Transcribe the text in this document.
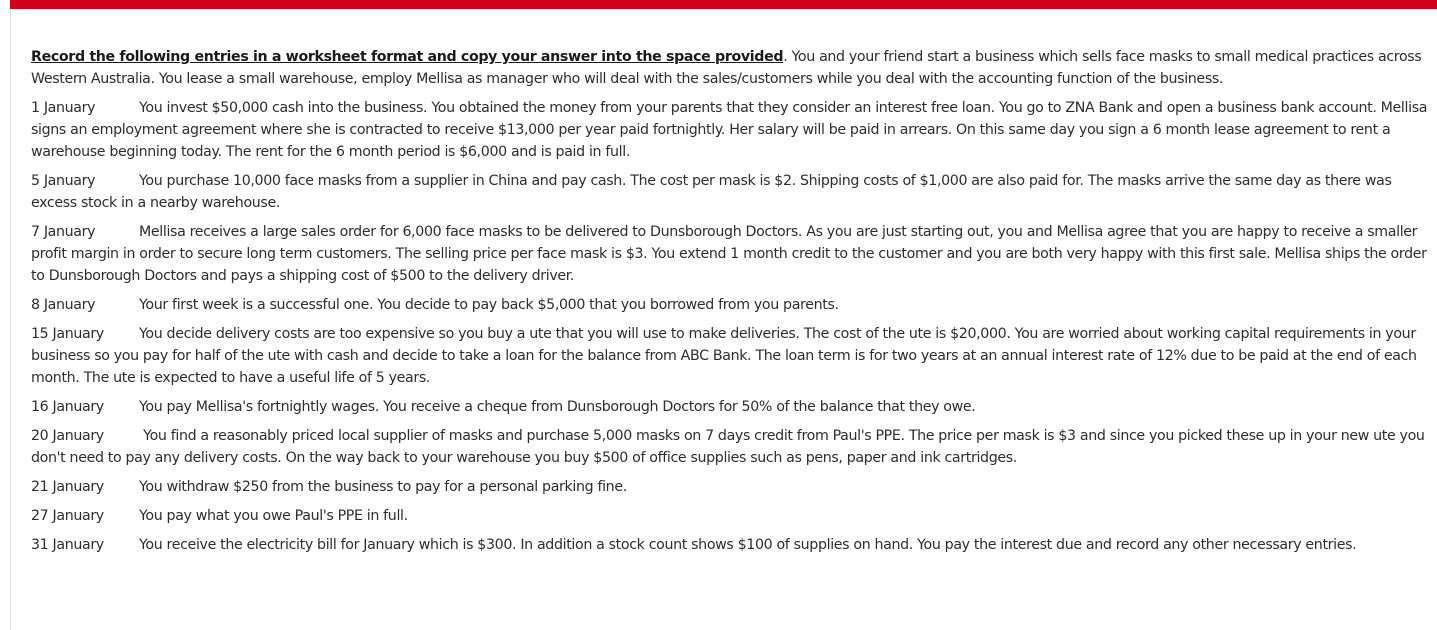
Record the following entries in a worksheet format and copy your answer into the space provided. You and your friend start a business which sells face masks to small medical practices across Western Australia. You lease a small warehouse, employ Mellisa as manager who will deal with the sales/customers while you deal with the accounting function of the business.

1 January	You invest $50,000 cash into the business. You obtained the money from your parents that they consider an interest free loan. You go to ZNA Bank and open a business bank account. Mellisa signs an employment agreement where she is contracted to receive $13,000 per year paid fortnightly. Her salary will be paid in arrears. On this same day you sign a 6 month lease agreement to rent a warehouse beginning today. The rent for the 6 month period is $6,000 and is paid in full.

5 January	You purchase 10,000 face masks from a supplier in China and pay cash. The cost per mask is $2. Shipping costs of $1,000 are also paid for. The masks arrive the same day as there was excess stock in a nearby warehouse.

7 January	Mellisa receives a large sales order for 6,000 face masks to be delivered to Dunsborough Doctors. As you are just starting out, you and Mellisa agree that you are happy to receive a smaller profit margin in order to secure long term customers. The selling price per face mask is $3. You extend 1 month credit to the customer and you are both very happy with this first sale. Mellisa ships the order to Dunsborough Doctors and pays a shipping cost of $500 to the delivery driver.

8 January	Your first week is a successful one. You decide to pay back $5,000 that you borrowed from you parents.

15 January You decide delivery costs are too expensive so you buy a ute that you will use to make deliveries. The cost of the ute is $20,000. You are worried about working capital requirements in your business so you pay for half of the ute with cash and decide to take a loan for the balance from ABC Bank. The loan term is for two years at an annual interest rate of 12% due to be paid at the end of each month. The ute is expected to have a useful life of 5 years.

16 January You pay Mellisa's fortnightly wages. You receive a cheque from Dunsborough Doctors for 50% of the balance that they owe.

20 January You find a reasonably priced local supplier of masks and purchase 5,000 masks on 7 days credit from Paul's PPE. The price per mask is $3 and since you picked these up in your new ute you don't need to pay any delivery costs. On the way back to your warehouse you buy $500 of office supplies such as pens, paper and ink cartridges.

21 January You withdraw $250 from the business to pay for a personal parking fine.

27 January You pay what you owe Paul's PPE in full.

31 January You receive the electricity bill for January which is $300. In addition a stock count shows $100 of supplies on hand. You pay the interest due and record any other necessary entries.
